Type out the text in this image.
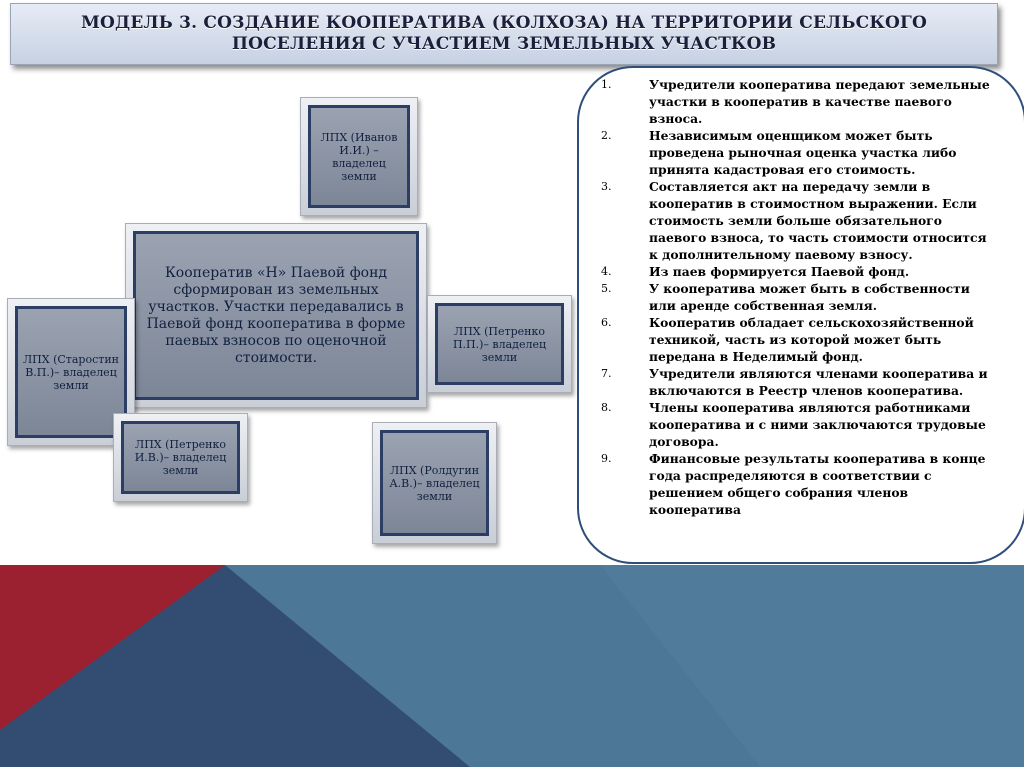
МОДЕЛЬ 3. СОЗДАНИЕ КООПЕРАТИВА (КОЛХОЗА) НА ТЕРРИТОРИИ СЕЛЬСКОГО ПОСЕЛЕНИЯ С УЧАСТИЕМ ЗЕМЕЛЬНЫХ УЧАСТКОВ
ЛПХ (Иванов И.И.) – владелец земли
Кооператив «Н» Паевой фонд сформирован из земельных участков. Участки передавались в Паевой фонд кооператива в форме паевых взносов по оценочной стоимости.
ЛПХ (Старостин В.П.)– владелец земли
ЛПХ (Петренко П.П.)– владелец земли
ЛПХ (Петренко И.В.)– владелец земли	ЛПХ (Ролдугин А.В.)– владелец земли
1.	Учредители кооператива передают земельные участки в кооператив в качестве паевого взноса.
2.	Независимым оценщиком может быть проведена рыночная оценка участка либо принята кадастровая его стоимость.
3.	Составляется акт на передачу земли в кооператив в стоимостном выражении. Если стоимость земли больше обязательного паевого взноса, то часть стоимости относится к дополнительному паевому взносу.
4.	Из паев формируется Паевой фонд.
5.	У кооператива может быть в собственности или аренде собственная земля.
6.	Кооператив обладает сельскохозяйственной техникой, часть из которой может быть передана в Неделимый фонд.
7.	Учредители являются членами кооператива и включаются в Реестр членов кооператива.
8.	Члены кооператива являются работниками кооператива и с ними заключаются трудовые договора.
9.	Финансовые результаты кооператива в конце года распределяются в соответствии с решением общего собрания членов кооператива
